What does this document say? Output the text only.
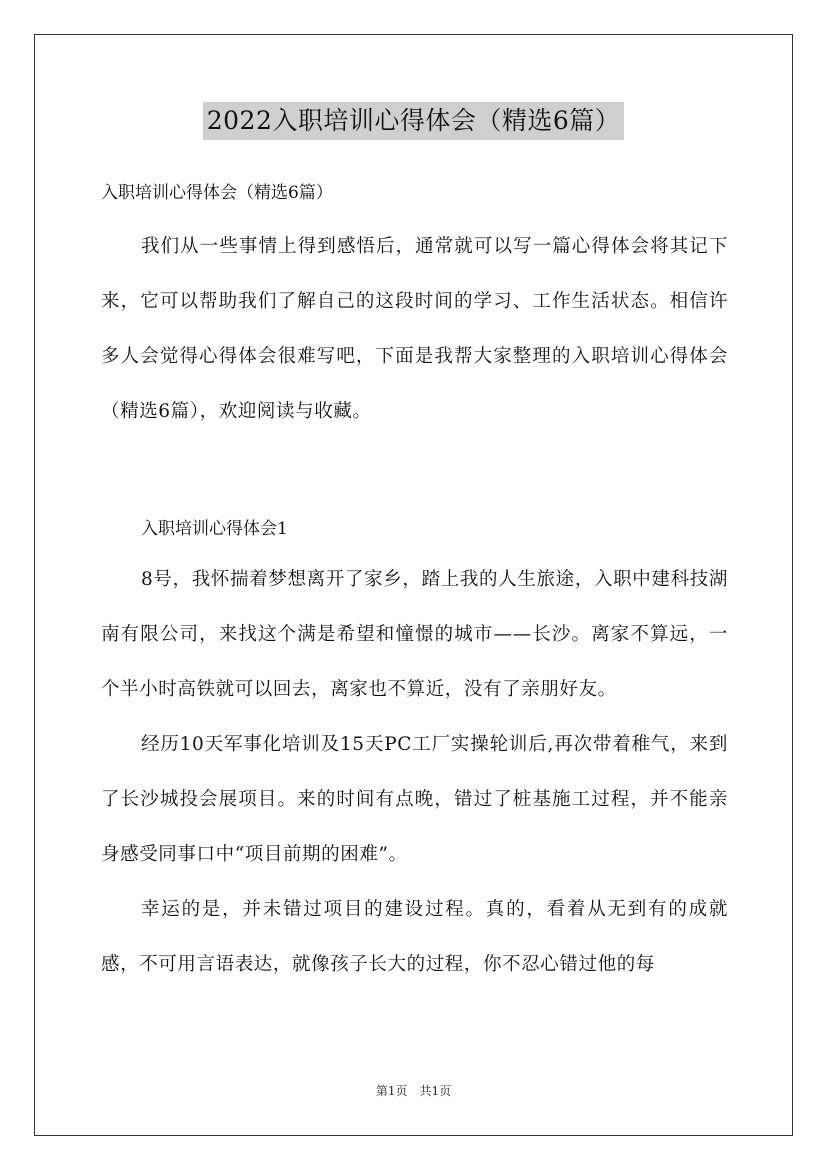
2022入职培训心得体会（精选6篇）

入职培训心得体会（精选6篇）

我们从一些事情上得到感悟后，通常就可以写一篇心得体会将其记下来，它可以帮助我们了解自己的这段时间的学习、工作生活状态。相信许多人会觉得心得体会很难写吧，下面是我帮大家整理的入职培训心得体会（精选6篇），欢迎阅读与收藏。

入职培训心得体会1

8号，我怀揣着梦想离开了家乡，踏上我的人生旅途，入职中建科技湖南有限公司，来找这个满是希望和憧憬的城市——长沙。离家不算远，一个半小时高铁就可以回去，离家也不算近，没有了亲朋好友。

经历10天军事化培训及15天PC工厂实操轮训后,再次带着稚气，来到了长沙城投会展项目。来的时间有点晚，错过了桩基施工过程，并不能亲身感受同事口中“项目前期的困难”。

幸运的是，并未错过项目的建设过程。真的，看着从无到有的成就感，不可用言语表达，就像孩子长大的过程，你不忍心错过他的每

第1页 共1页
